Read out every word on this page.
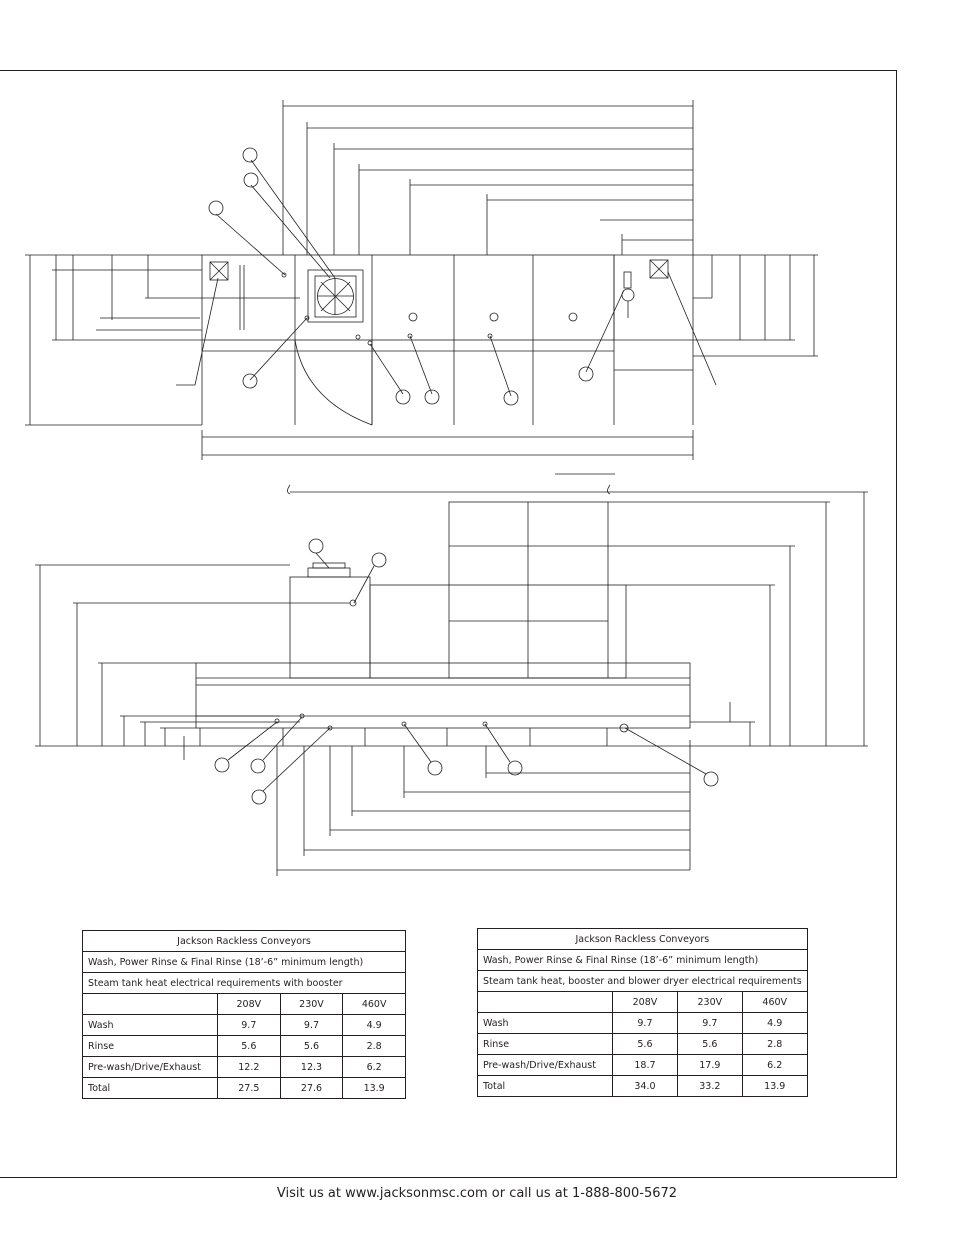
Jackson Rackless Conveyors			
Wash, Power Rinse & Final Rinse (18’-6” minimum length)			
Steam tank heat electrical requirements with booster			
	208V	230V	460V
Wash	9.7	9.7	4.9
Rinse	5.6	5.6	2.8
Pre-wash/Drive/Exhaust	12.2	12.3	6.2
Total	27.5	27.6	13.9
Jackson Rackless Conveyors			
Wash, Power Rinse & Final Rinse (18’-6” minimum length)			
Steam tank heat, booster and blower dryer electrical requirements			
	208V	230V	460V
Wash	9.7	9.7	4.9
Rinse	5.6	5.6	2.8
Pre-wash/Drive/Exhaust	18.7	17.9	6.2
Total	34.0	33.2	13.9
Visit us at www.jacksonmsc.com or call us at 1-888-800-5672
